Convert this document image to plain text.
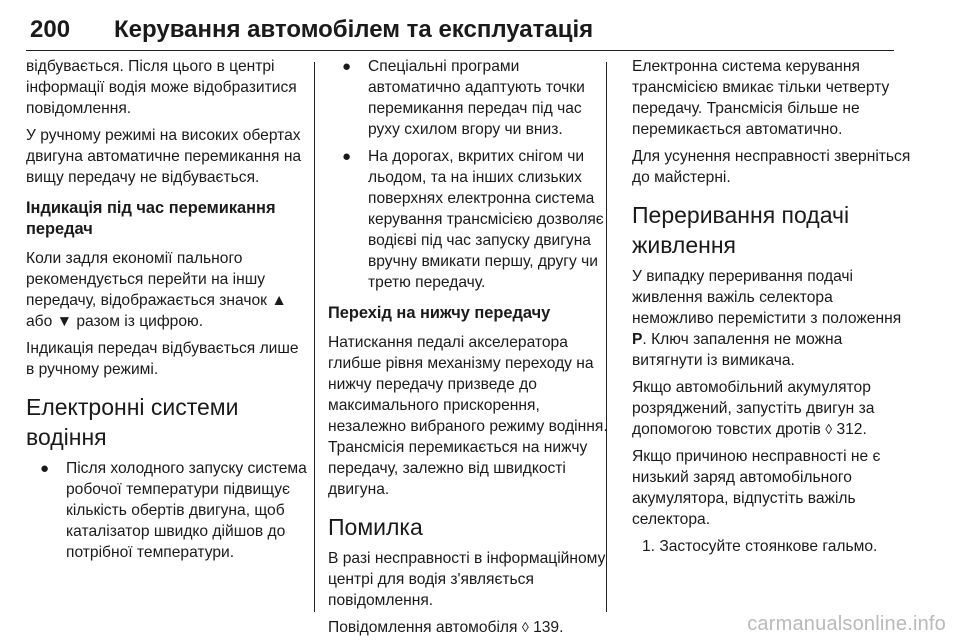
200 Керування автомобілем та експлуатація

відбувається. Після цього в центрі інформації водія може відобразитися повідомлення.

У ручному режимі на високих обертах двигуна автоматичне перемикання на вищу передачу не відбувається.

Індикація під час перемикання передач

Коли задля економії пального рекомендується перейти на іншу передачу, відображається значок ▲ або ▼ разом із цифрою.

Індикація передач відбувається лише в ручному режимі.

Електронні системи водіння
● Після холодного запуску система робочої температури підвищує кількість обертів двигуна, щоб каталізатор швидко дійшов до потрібної температури.
● Спеціальні програми автоматично адаптують точки перемикання передач під час руху схилом вгору чи вниз.
● На дорогах, вкритих снігом чи льодом, та на інших слизьких поверхнях електронна система керування трансмісією дозволяє водієві під час запуску двигуна вручну вмикати першу, другу чи третю передачу.
Перехід на нижчу передачу

Натискання педалі акселератора глибше рівня механізму переходу на нижчу передачу призведе до максимального прискорення, незалежно вибраного режиму водіння. Трансмісія перемикається на нижчу передачу, залежно від швидкості двигуна.

Помилка

В разі несправності в інформаційному центрі для водія з'являється повідомлення.

Повідомлення автомобіля ◊ 139.

Електронна система керування трансмісією вмикає тільки четверту передачу. Трансмісія більше не перемикається автоматично.

Для усунення несправності зверніться до майстерні.

Переривання подачі живлення

У випадку переривання подачі живлення важіль селектора неможливо перемістити з положення P. Ключ запалення не можна витягнути із вимикача.

Якщо автомобільний акумулятор розряджений, запустіть двигун за допомогою товстих дротів ◊ 312.

Якщо причиною несправності не є низький заряд автомобільного акумулятора, відпустіть важіль селектора.

1. Застосуйте стоянкове гальмо.
carmanualsonline.info
